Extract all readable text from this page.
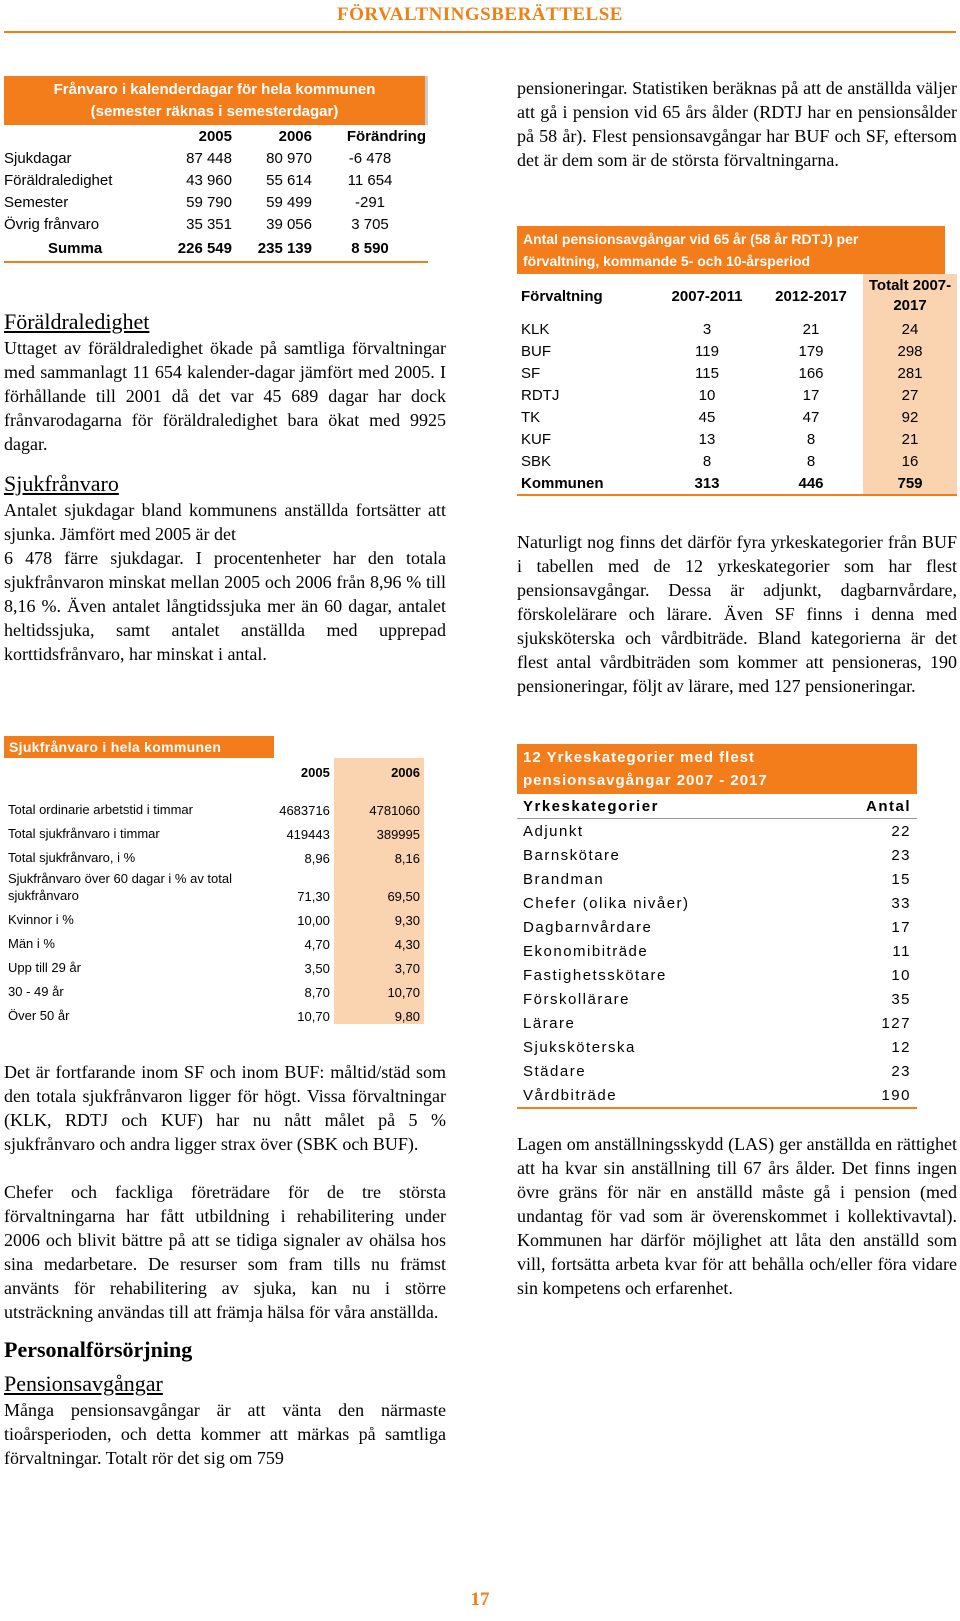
FÖRVALTNINGSBERÄTTELSE
Frånvaro i kalenderdagar för hela kommunen
(semester räknas i semesterdagar)
	2005	2006	Förändring
Sjukdagar	87 448	80 970	-6 478
Föräldraledighet	43 960	55 614	11 654
Semester	59 790	59 499	-291
Övrig frånvaro	35 351	39 056	3 705
Summa	226 549	235 139	8 590
Föräldraledighet

Uttaget av föräldraledighet ökade på samtliga förvaltningar med sammanlagt 11 654 kalender-dagar jämfört med 2005. I förhållande till 2001 då det var 45 689 dagar har dock frånvarodagarna för föräldraledighet bara ökat med 9925 dagar.

Sjukfrånvaro

Antalet sjukdagar bland kommunens anställda fortsätter att sjunka. Jämfört med 2005 är det

6 478 färre sjukdagar. I procentenheter har den totala sjukfrånvaron minskat mellan 2005 och 2006 från 8,96 % till 8,16 %. Även antalet långtidssjuka mer än 60 dagar, antalet heltidssjuka, samt antalet anställda med upprepad korttidsfrånvaro, har minskat i antal.

Sjukfrånvaro i hela kommunen
	2005	2006
Total ordinarie arbetstid i timmar	4683716	4781060
Total sjukfrånvaro i timmar	419443	389995
Total sjukfrånvaro, i %	8,96	8,16
Sjukfrånvaro över 60 dagar i % av total sjukfrånvaro	71,30	69,50
Kvinnor i %	10,00	9,30
Män i %	4,70	4,30
Upp till 29 år	3,50	3,70
30 - 49 år	8,70	10,70
Över 50 år	10,70	9,80

Det är fortfarande inom SF och inom BUF: måltid/städ som den totala sjukfrånvaron ligger för högt. Vissa förvaltningar (KLK, RDTJ och KUF) har nu nått målet på 5 % sjukfrånvaro och andra ligger strax över (SBK och BUF).

Chefer och fackliga företrädare för de tre största förvaltningarna har fått utbildning i rehabilitering under 2006 och blivit bättre på att se tidiga signaler av ohälsa hos sina medarbetare. De resurser som fram tills nu främst använts för rehabilitering av sjuka, kan nu i större utsträckning användas till att främja hälsa för våra anställda.

Personalförsörjning
Pensionsavgångar

Många pensionsavgångar är att vänta den närmaste tioårsperioden, och detta kommer att märkas på samtliga förvaltningar. Totalt rör det sig om 759

pensioneringar. Statistiken beräknas på att de anställda väljer att gå i pension vid 65 års ålder (RDTJ har en pensionsålder på 58 år). Flest pensionsavgångar har BUF och SF, eftersom det är dem som är de största förvaltningarna.

Antal pensionsavgångar vid 65 år (58 år RDTJ) per
förvaltning, kommande 5- och 10-årsperiod
Förvaltning	2007-2011	2012-2017	Totalt 2007-
2017

KLK	3	21	24
BUF	119	179	298
SF	115	166	281
RDTJ	10	17	27
TK	45	47	92
KUF	13	8	21
SBK	8	8	16
Kommunen	313	446	759

Naturligt nog finns det därför fyra yrkeskategorier från BUF i tabellen med de 12 yrkeskategorier som har flest pensionsavgångar. Dessa är adjunkt, dagbarnvårdare, förskolelärare och lärare. Även SF finns i denna med sjuksköterska och vårdbiträde. Bland kategorierna är det flest antal vårdbiträden som kommer att pensioneras, 190 pensioneringar, följt av lärare, med 127 pensioneringar.

12 Yrkeskategorier med flest
pensionsavgångar 2007 - 2017
Yrkeskategorier	Antal
Adjunkt	22
Barnskötare	23
Brandman	15
Chefer (olika nivåer)	33
Dagbarnvårdare	17
Ekonomibiträde	11
Fastighetsskötare	10
Förskollärare	35
Lärare	127
Sjuksköterska	12
Städare	23
Vårdbiträde	190

Lagen om anställningsskydd (LAS) ger anställda en rättighet att ha kvar sin anställning till 67 års ålder. Det finns ingen övre gräns för när en anställd måste gå i pension (med undantag för vad som är överenskommet i kollektivavtal). Kommunen har därför möjlighet att låta den anställd som vill, fortsätta arbeta kvar för att behålla och/eller föra vidare sin kompetens och erfarenhet.

17
